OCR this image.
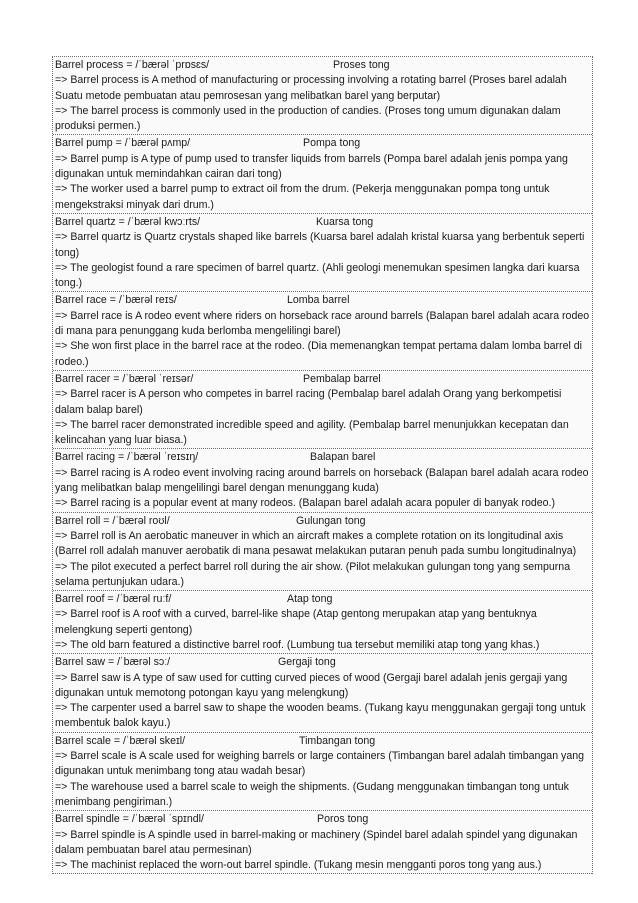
Barrel process = /ˈbærəl ˈprɒsɛs/	Proses tong
=> Barrel process is A method of manufacturing or processing involving a rotating barrel (Proses barel adalah Suatu metode pembuatan atau pemrosesan yang melibatkan barel yang berputar)
=> The barrel process is commonly used in the production of candies. (Proses tong umum digunakan dalam produksi permen.)
Barrel pump = /ˈbærəl pʌmp/	Pompa tong
=> Barrel pump is A type of pump used to transfer liquids from barrels (Pompa barel adalah jenis pompa yang digunakan untuk memindahkan cairan dari tong)
=> The worker used a barrel pump to extract oil from the drum. (Pekerja menggunakan pompa tong untuk mengekstraksi minyak dari drum.)
Barrel quartz = /ˈbærəl kwɔːrts/	Kuarsa tong
=> Barrel quartz is Quartz crystals shaped like barrels (Kuarsa barel adalah kristal kuarsa yang berbentuk seperti tong)
=> The geologist found a rare specimen of barrel quartz. (Ahli geologi menemukan spesimen langka dari kuarsa tong.)
Barrel race = /ˈbærəl reɪs/	Lomba barrel
=> Barrel race is A rodeo event where riders on horseback race around barrels (Balapan barel adalah acara rodeo di mana para penunggang kuda berlomba mengelilingi barel)
=> She won first place in the barrel race at the rodeo. (Dia memenangkan tempat pertama dalam lomba barrel di rodeo.)
Barrel racer = /ˈbærəl ˈreɪsər/	Pembalap barrel
=> Barrel racer is A person who competes in barrel racing (Pembalap barel adalah Orang yang berkompetisi dalam balap barel)
=> The barrel racer demonstrated incredible speed and agility. (Pembalap barrel menunjukkan kecepatan dan kelincahan yang luar biasa.)
Barrel racing = /ˈbærəl ˈreɪsɪŋ/	Balapan barel
=> Barrel racing is A rodeo event involving racing around barrels on horseback (Balapan barel adalah acara rodeo yang melibatkan balap mengelilingi barel dengan menunggang kuda)
=> Barrel racing is a popular event at many rodeos. (Balapan barel adalah acara populer di banyak rodeo.)
Barrel roll = /ˈbærəl roʊl/	Gulungan tong
=> Barrel roll is An aerobatic maneuver in which an aircraft makes a complete rotation on its longitudinal axis (Barrel roll adalah manuver aerobatik di mana pesawat melakukan putaran penuh pada sumbu longitudinalnya)
=> The pilot executed a perfect barrel roll during the air show. (Pilot melakukan gulungan tong yang sempurna selama pertunjukan udara.)
Barrel roof = /ˈbærəl ruːf/	Atap tong
=> Barrel roof is A roof with a curved, barrel-like shape (Atap gentong merupakan atap yang bentuknya melengkung seperti gentong)
=> The old barn featured a distinctive barrel roof. (Lumbung tua tersebut memiliki atap tong yang khas.)
Barrel saw = /ˈbærəl sɔː/	Gergaji tong
=> Barrel saw is A type of saw used for cutting curved pieces of wood (Gergaji barel adalah jenis gergaji yang digunakan untuk memotong potongan kayu yang melengkung)
=> The carpenter used a barrel saw to shape the wooden beams. (Tukang kayu menggunakan gergaji tong untuk membentuk balok kayu.)
Barrel scale = /ˈbærəl skeɪl/	Timbangan tong
=> Barrel scale is A scale used for weighing barrels or large containers (Timbangan barel adalah timbangan yang digunakan untuk menimbang tong atau wadah besar)
=> The warehouse used a barrel scale to weigh the shipments. (Gudang menggunakan timbangan tong untuk menimbang pengiriman.)
Barrel spindle = /ˈbærəl ˈspɪndl/	Poros tong
=> Barrel spindle is A spindle used in barrel-making or machinery (Spindel barel adalah spindel yang digunakan dalam pembuatan barel atau permesinan)
=> The machinist replaced the worn-out barrel spindle. (Tukang mesin mengganti poros tong yang aus.)
